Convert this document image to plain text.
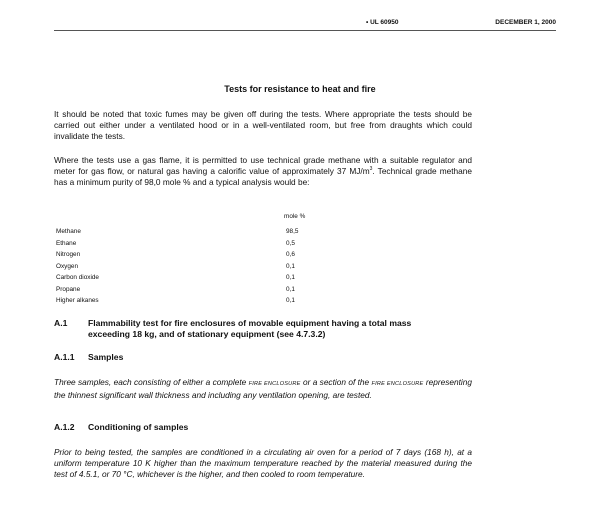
• UL 60950	DECEMBER 1, 2000
Tests for resistance to heat and fire
It should be noted that toxic fumes may be given off during the tests. Where appropriate the tests should be carried out either under a ventilated hood or in a well-ventilated room, but free from draughts which could invalidate the tests.
Where the tests use a gas flame, it is permitted to use technical grade methane with a suitable regulator and meter for gas flow, or natural gas having a calorific value of approximately 37 $MJ/m^3$. Technical grade methane has a minimum purity of 98,0 mole % and a typical analysis would be:
mole %
Methane	98,5
Ethane	0,5
Nitrogen	0,6
Oxygen	0,1
Carbon dioxide	0,1
Propane	0,1
Higher alkanes	0,1
A.1 Flammability test for fire enclosures of movable equipment having a total mass
exceeding 18 kg, and of stationary equipment (see 4.7.3.2)
A.1.1 Samples
Three samples, each consisting of either a complete FIRE ENCLOSURE or a section of the FIRE ENCLOSURE representing the thinnest significant wall thickness and including any ventilation opening, are tested.
A.1.2 Conditioning of samples
Prior to being tested, the samples are conditioned in a circulating air oven for a period of 7 days (168 h), at a uniform temperature 10 K higher than the maximum temperature reached by the material measured during the test of 4.5.1, or 70 °C, whichever is the higher, and then cooled to room temperature.
